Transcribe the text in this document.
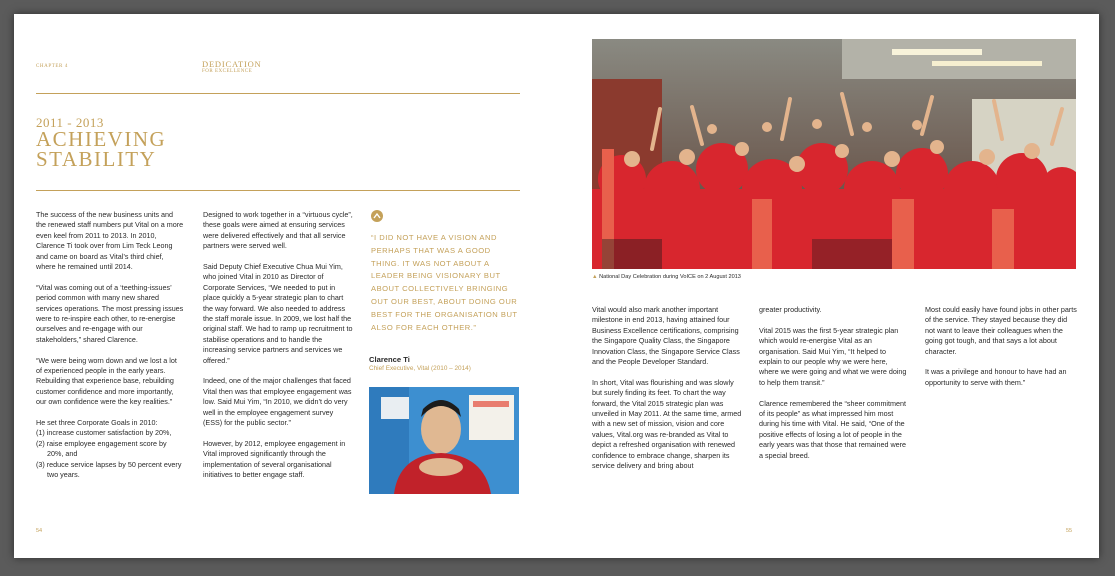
CHAPTER 4	DEDICATION
FOR EXCELLENCE
2011 - 2013
ACHIEVING
STABILITY

The success of the new business units and the renewed staff numbers put Vital on a more even keel from 2011 to 2013. In 2010, Clarence Ti took over from Lim Teck Leong and came on board as Vital’s third chief, where he remained until 2014.

“Vital was coming out of a ‘teething-issues’ period common with many new shared services operations. The most pressing issues were to re-inspire each other, to re-energise ourselves and re-engage with our stakeholders,” shared Clarence.

“We were being worn down and we lost a lot of experienced people in the early years. Rebuilding that experience base, rebuilding customer confidence and more importantly, our own confidence were the key realities.”

He set three Corporate Goals in 2010:
(1) increase customer satisfaction by 20%,
(2) raise employee engagement score by 20%, and
(3) reduce service lapses by 50 percent every two years.

Designed to work together in a “virtuous cycle”, these goals were aimed at ensuring services were delivered effectively and that all service partners were served well.

Said Deputy Chief Executive Chua Mui Yim, who joined Vital in 2010 as Director of Corporate Services, “We needed to put in place quickly a 5-year strategic plan to chart the way forward. We also needed to address the staff morale issue. In 2009, we lost half the original staff. We had to ramp up recruitment to stabilise operations and to handle the increasing service partners and services we offered.”

Indeed, one of the major challenges that faced Vital then was that employee engagement was low. Said Mui Yim, “In 2010, we didn’t do very well in the employee engagement survey (ESS) for the public sector.”

However, by 2012, employee engagement in Vital improved significantly through the implementation of several organisational initiatives to better engage staff.

“I DID NOT HAVE A VISION AND PERHAPS THAT WAS A GOOD THING. IT WAS NOT ABOUT A LEADER BEING VISIONARY BUT ABOUT COLLECTIVELY BRINGING OUT OUR BEST, ABOUT DOING OUR BEST FOR THE ORGANISATION BUT ALSO FOR EACH OTHER.”
Clarence Ti
Chief Executive, Vital (2010 – 2014)
54
▲ National Day Celebration during VoICE on 2 August 2013

Vital would also mark another important milestone in end 2013, having attained four Business Excellence certifications, comprising the Singapore Quality Class, the Singapore Innovation Class, the Singapore Service Class and the People Developer Standard.

In short, Vital was flourishing and was slowly but surely finding its feet. To chart the way forward, the Vital 2015 strategic plan was unveiled in May 2011. At the same time, armed with a new set of mission, vision and core values, Vital.org was re-branded as Vital to depict a refreshed organisation with renewed confidence to embrace change, sharpen its service delivery and bring about

greater productivity.

Vital 2015 was the first 5-year strategic plan which would re-energise Vital as an organisation. Said Mui Yim, “It helped to explain to our people why we were here, where we were going and what we were doing to help them transit.”

Clarence remembered the “sheer commitment of its people” as what impressed him most during his time with Vital. He said, “One of the positive effects of losing a lot of people in the early years was that those that remained were a special breed.

Most could easily have found jobs in other parts of the service. They stayed because they did not want to leave their colleagues when the going got tough, and that says a lot about character.

It was a privilege and honour to have had an opportunity to serve with them.”

55
